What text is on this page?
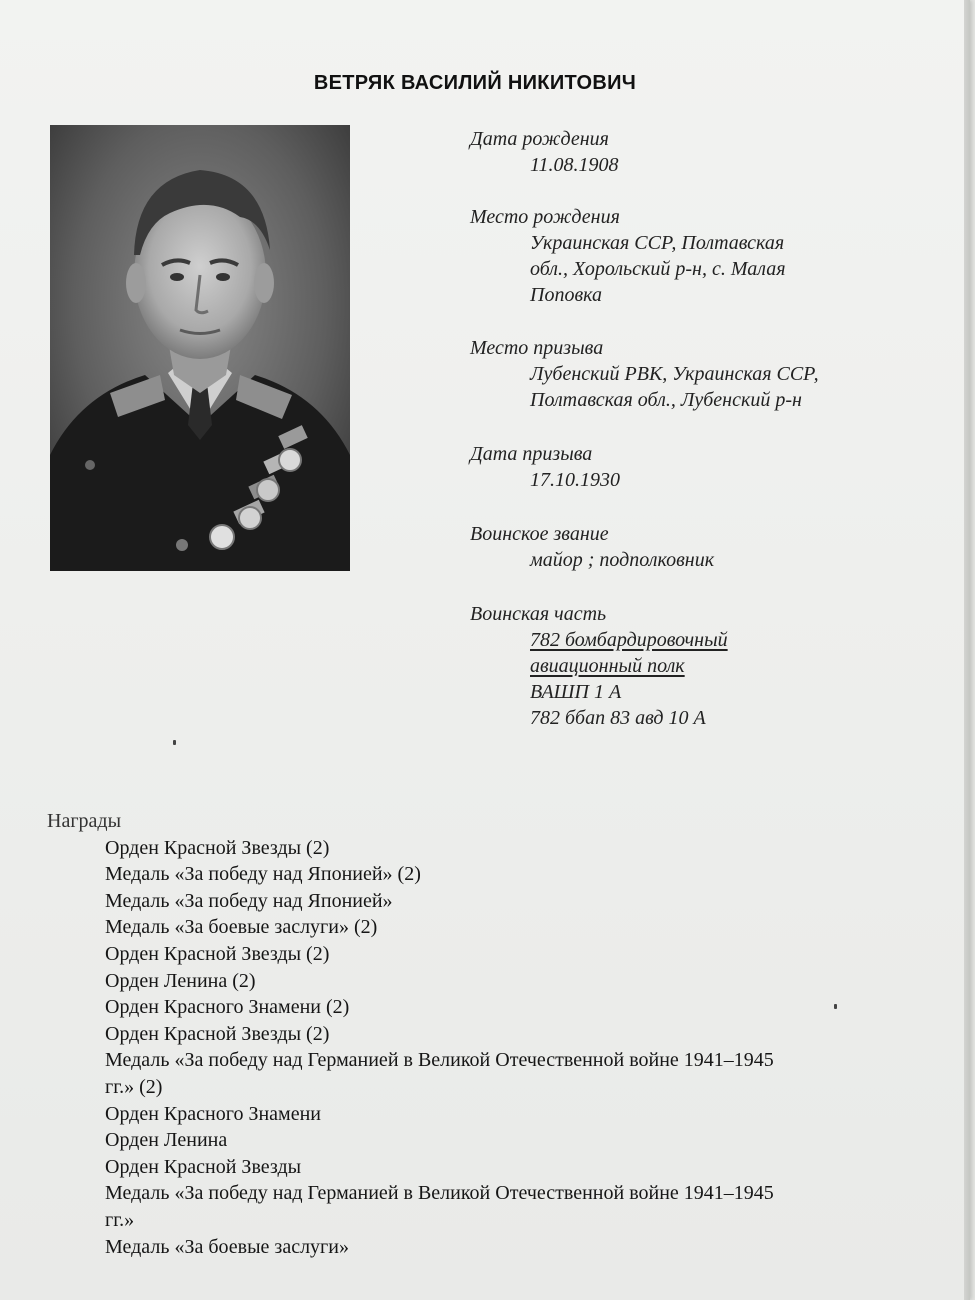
ВЕТРЯК ВАСИЛИЙ НИКИТОВИЧ
Дата рождения
11.08.1908
Место рождения
Украинская ССР, Полтавская
обл., Хорольский р-н, с. Малая
Поповка
Место призыва
Лубенский РВК, Украинская ССР,
Полтавская обл., Лубенский р-н
Дата призыва
17.10.1930
Воинское звание
майор ; подполковник
Воинская часть
782 бомбардировочный
авиационный полк
ВАШП 1 А
782 ббап 83 авд 10 А
Награды
Орден Красной Звезды (2)
Медаль «За победу над Японией» (2)
Медаль «За победу над Японией»
Медаль «За боевые заслуги» (2)
Орден Красной Звезды (2)
Орден Ленина (2)
Орден Красного Знамени (2)
Орден Красной Звезды (2)
Медаль «За победу над Германией в Великой Отечественной войне 1941–1945
гг.» (2)
Орден Красного Знамени
Орден Ленина
Орден Красной Звезды
Медаль «За победу над Германией в Великой Отечественной войне 1941–1945
гг.»
Медаль «За боевые заслуги»
